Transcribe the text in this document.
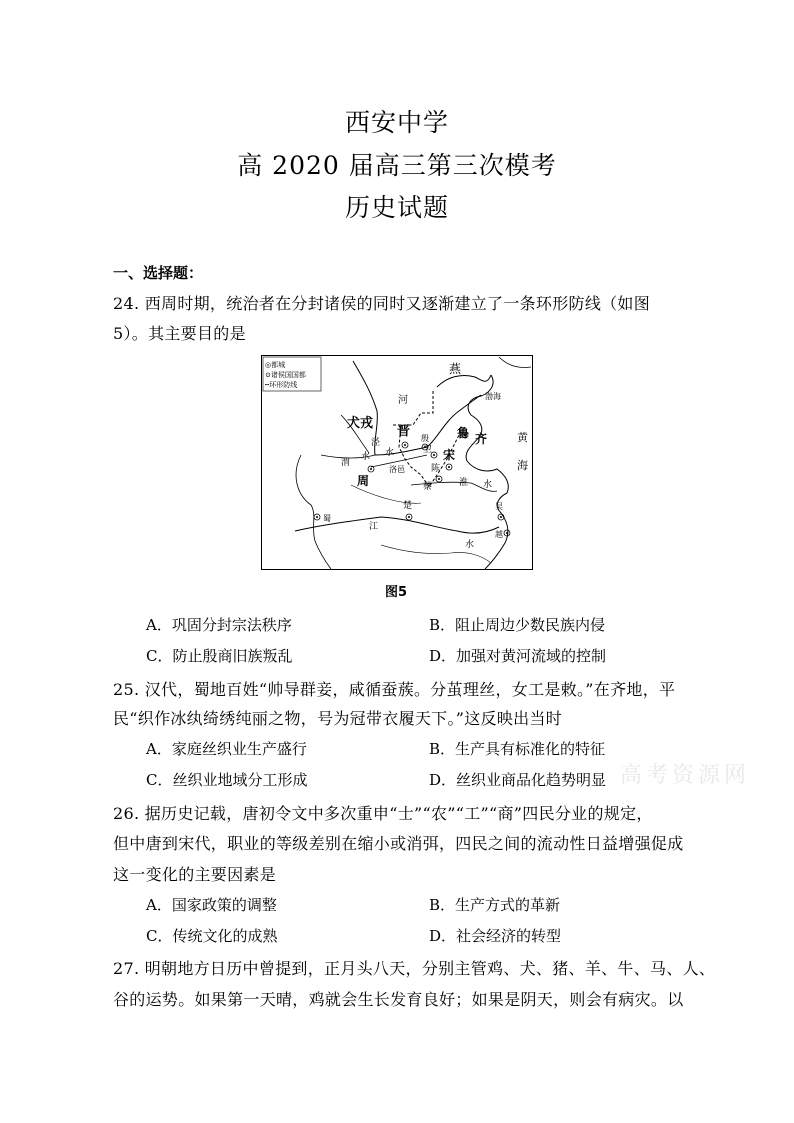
西安中学
高 2020 届高三第三次模考
历史试题
一、选择题：
24. 西周时期，统治者在分封诸侯的同时又逐渐建立了一条环形防线（如图
5）。其主要目的是
◎都城
⊙诸侯国国都
┅环形防线
燕
河	渤海
犬戎
晋 殷
卫
鲁 齐	黄
海
泾
渭
水 水
洛邑
宋
陈
蔡	淮 水
周
楚
蜀
江
水
吴
越
图5
A．巩固分封宗法秩序	B．阻止周边少数民族内侵
C．防止殷商旧族叛乱	D．加强对黄河流域的控制
25. 汉代，蜀地百姓“帅导群妾，咸循蚕蔟。分茧理丝，女工是敕。”在齐地，平
民“织作冰纨绮绣纯丽之物，号为冠带衣履天下。”这反映出当时
A．家庭丝织业生产盛行	B．生产具有标准化的特征
C．丝织业地域分工形成	D．丝织业商品化趋势明显 高考资源网
26. 据历史记载，唐初令文中多次重申“士”“农”“工”“商”四民分业的规定，
但中唐到宋代，职业的等级差别在缩小或消弭，四民之间的流动性日益增强促成
这一变化的主要因素是
A．国家政策的调整	B．生产方式的革新
C．传统文化的成熟	D．社会经济的转型
27. 明朝地方日历中曾提到，正月头八天，分别主管鸡、犬、猪、羊、牛、马、人、
谷的运势。如果第一天晴，鸡就会生长发育良好；如果是阴天，则会有病灾。以
